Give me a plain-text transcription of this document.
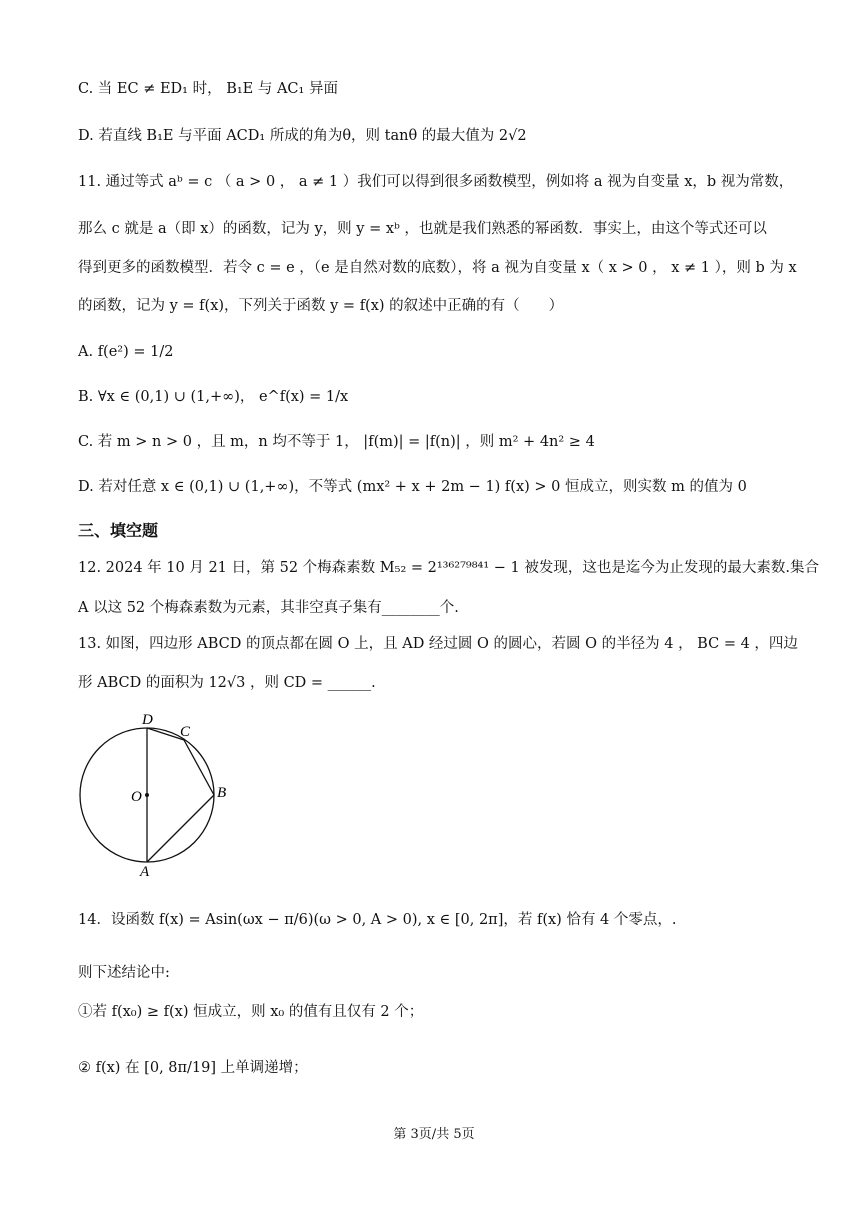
C. 当 EC ≠ ED₁ 时， B₁E 与 AC₁ 异面
D. 若直线 B₁E 与平面 ACD₁ 所成的角为θ，则 tanθ 的最大值为 2√2
11. 通过等式 aᵇ = c （ a > 0 ， a ≠ 1 ）我们可以得到很多函数模型，例如将 a 视为自变量 x，b 视为常数，
那么 c 就是 a（即 x）的函数，记为 y，则 y = xᵇ ，也就是我们熟悉的幂函数．事实上，由这个等式还可以
得到更多的函数模型．若令 c = e ，（e 是自然对数的底数），将 a 视为自变量 x（ x > 0 ， x ≠ 1 ），则 b 为 x
的函数，记为 y = f(x)，下列关于函数 y = f(x) 的叙述中正确的有（　　）
A. f(e²) = 1/2
B. ∀x ∈ (0,1) ∪ (1,+∞)， e^f(x) = 1/x
C. 若 m > n > 0 ，且 m，n 均不等于 1， |f(m)| = |f(n)| ，则 m² + 4n² ≥ 4
D. 若对任意 x ∈ (0,1) ∪ (1,+∞)，不等式 (mx² + x + 2m − 1) f(x) > 0 恒成立，则实数 m 的值为 0
三、填空题
12. 2024 年 10 月 21 日，第 52 个梅森素数 M₅₂ = 2¹³⁶²⁷⁹⁸⁴¹ − 1 被发现，这也是迄今为止发现的最大素数.集合
A 以这 52 个梅森素数为元素，其非空真子集有________个.
13. 如图，四边形 ABCD 的顶点都在圆 O 上，且 AD 经过圆 O 的圆心，若圆 O 的半径为 4 ， BC = 4 ，四边
形 ABCD 的面积为 12√3 ，则 CD = ______.
D
C
O	B
A
14．设函数 f(x) = Asin(ωx − π/6)(ω > 0, A > 0), x ∈ [0, 2π]，若 f(x) 恰有 4 个零点，.
则下述结论中:
①若 f(x₀) ≥ f(x) 恒成立，则 x₀ 的值有且仅有 2 个；
② f(x) 在 [0, 8π/19] 上单调递增；
第 3页/共 5页
